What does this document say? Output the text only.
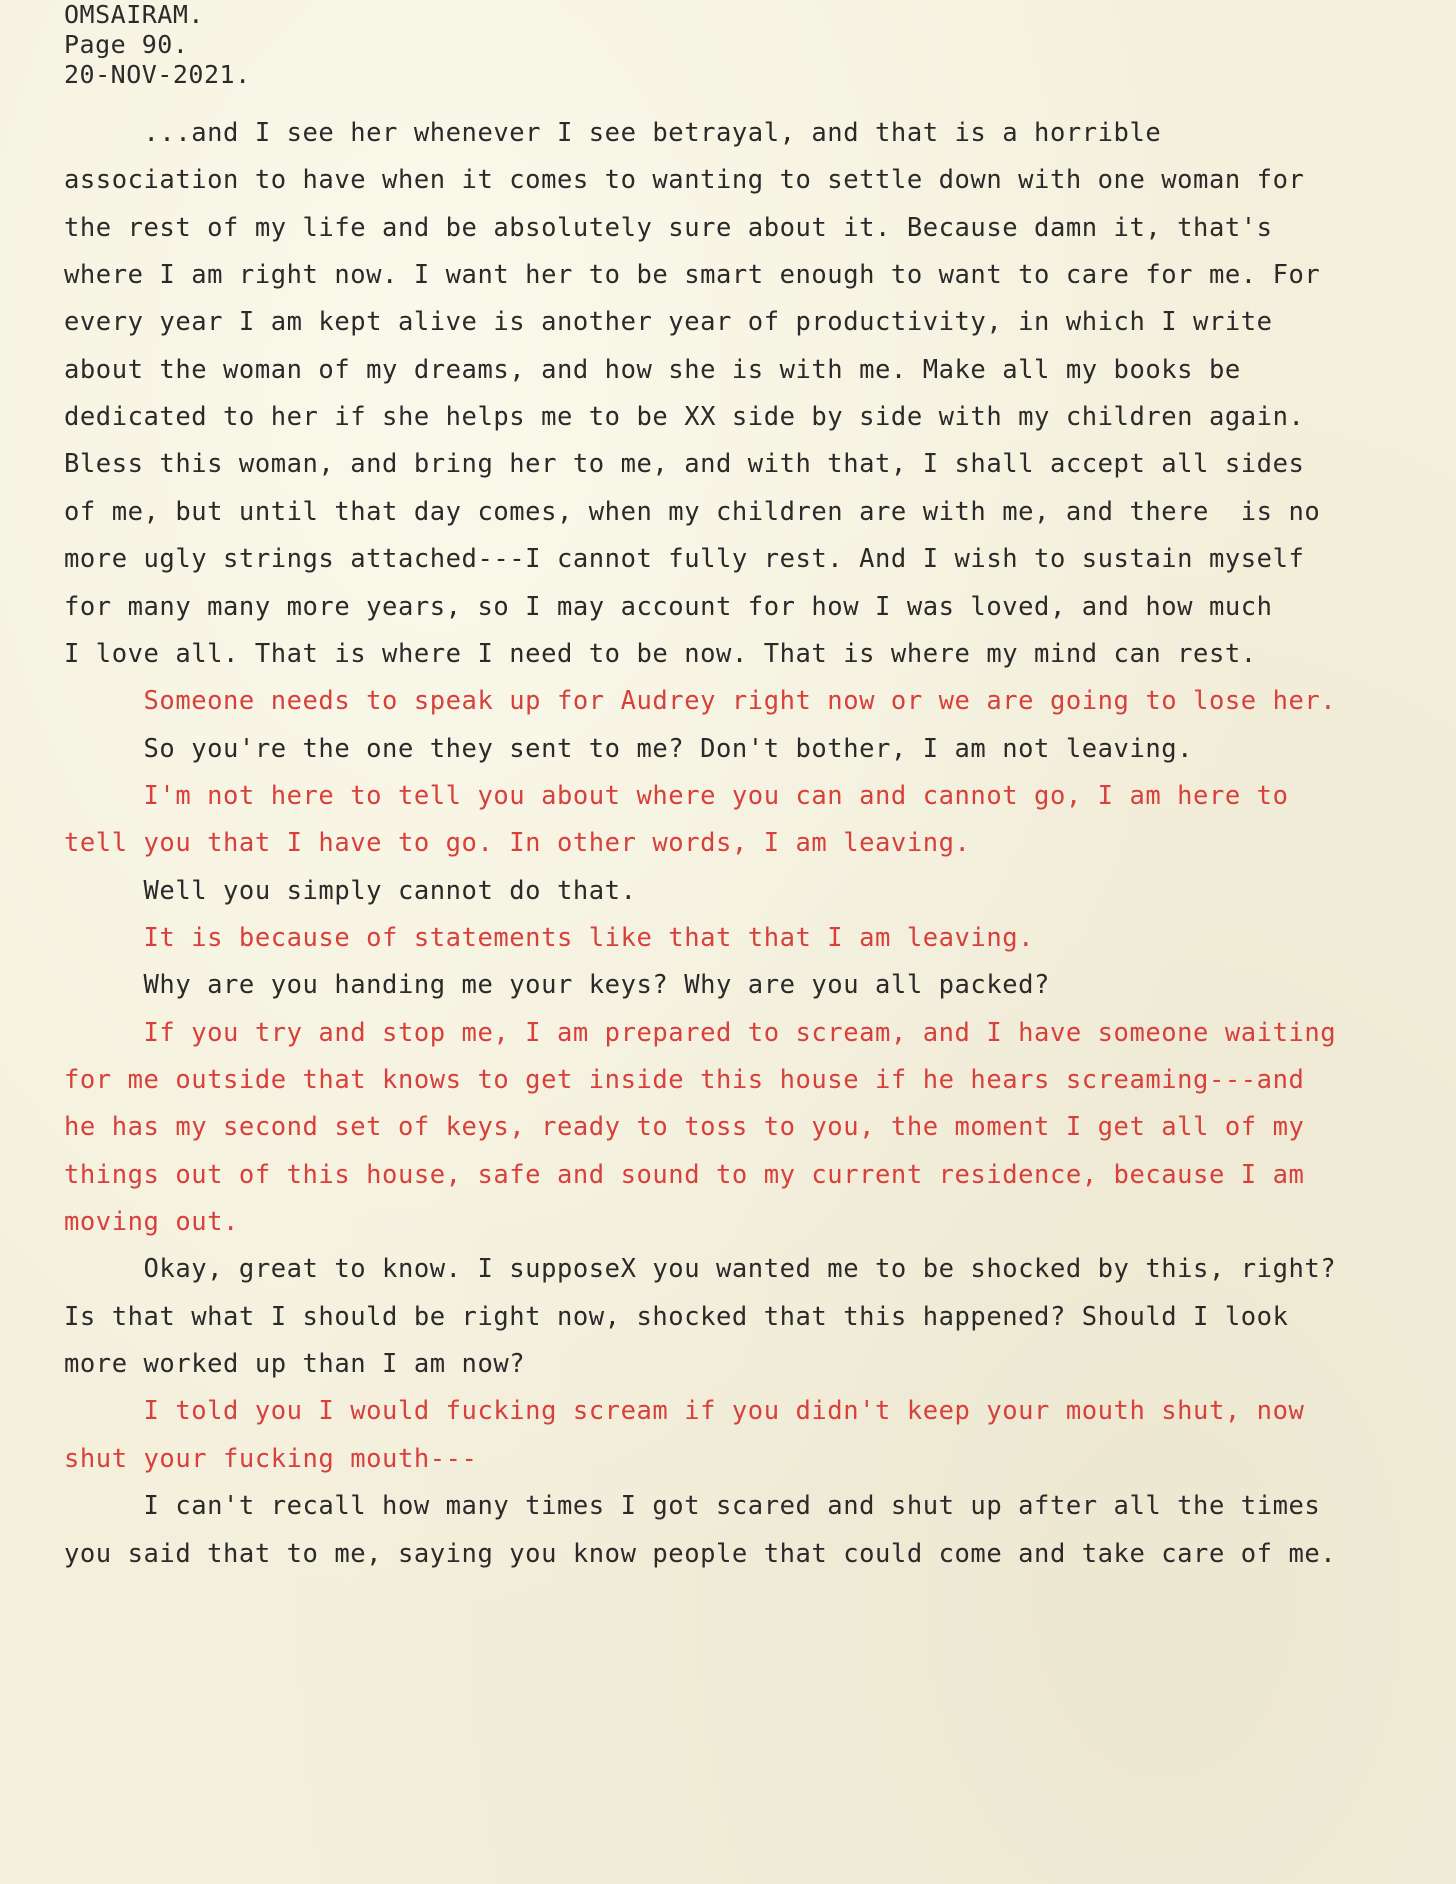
OMSAIRAM.
Page 90.
20-NOV-2021.
...and I see her whenever I see betrayal, and that is a horrible
association to have when it comes to wanting to settle down with one woman for
the rest of my life and be absolutely sure about it. Because damn it, that's
where I am right now. I want her to be smart enough to want to care for me. For
every year I am kept alive is another year of productivity, in which I write
about the woman of my dreams, and how she is with me. Make all my books be
dedicated to her if she helps me to be XX side by side with my children again.
Bless this woman, and bring her to me, and with that, I shall accept all sides
of me, but until that day comes, when my children are with me, and there  is no
more ugly strings attached---I cannot fully rest. And I wish to sustain myself
for many many more years, so I may account for how I was loved, and how much
I love all. That is where I need to be now. That is where my mind can rest.
Someone needs to speak up for Audrey right now or we are going to lose her.
So you're the one they sent to me? Don't bother, I am not leaving.
I'm not here to tell you about where you can and cannot go, I am here to
tell you that I have to go. In other words, I am leaving.
Well you simply cannot do that.
It is because of statements like that that I am leaving.
Why are you handing me your keys? Why are you all packed?
If you try and stop me, I am prepared to scream, and I have someone waiting
for me outside that knows to get inside this house if he hears screaming---and
he has my second set of keys, ready to toss to you, the moment I get all of my
things out of this house, safe and sound to my current residence, because I am
moving out.
Okay, great to know. I supposeX you wanted me to be shocked by this, right?
Is that what I should be right now, shocked that this happened? Should I look
more worked up than I am now?
I told you I would fucking scream if you didn't keep your mouth shut, now
shut your fucking mouth---
I can't recall how many times I got scared and shut up after all the times
you said that to me, saying you know people that could come and take care of me.
